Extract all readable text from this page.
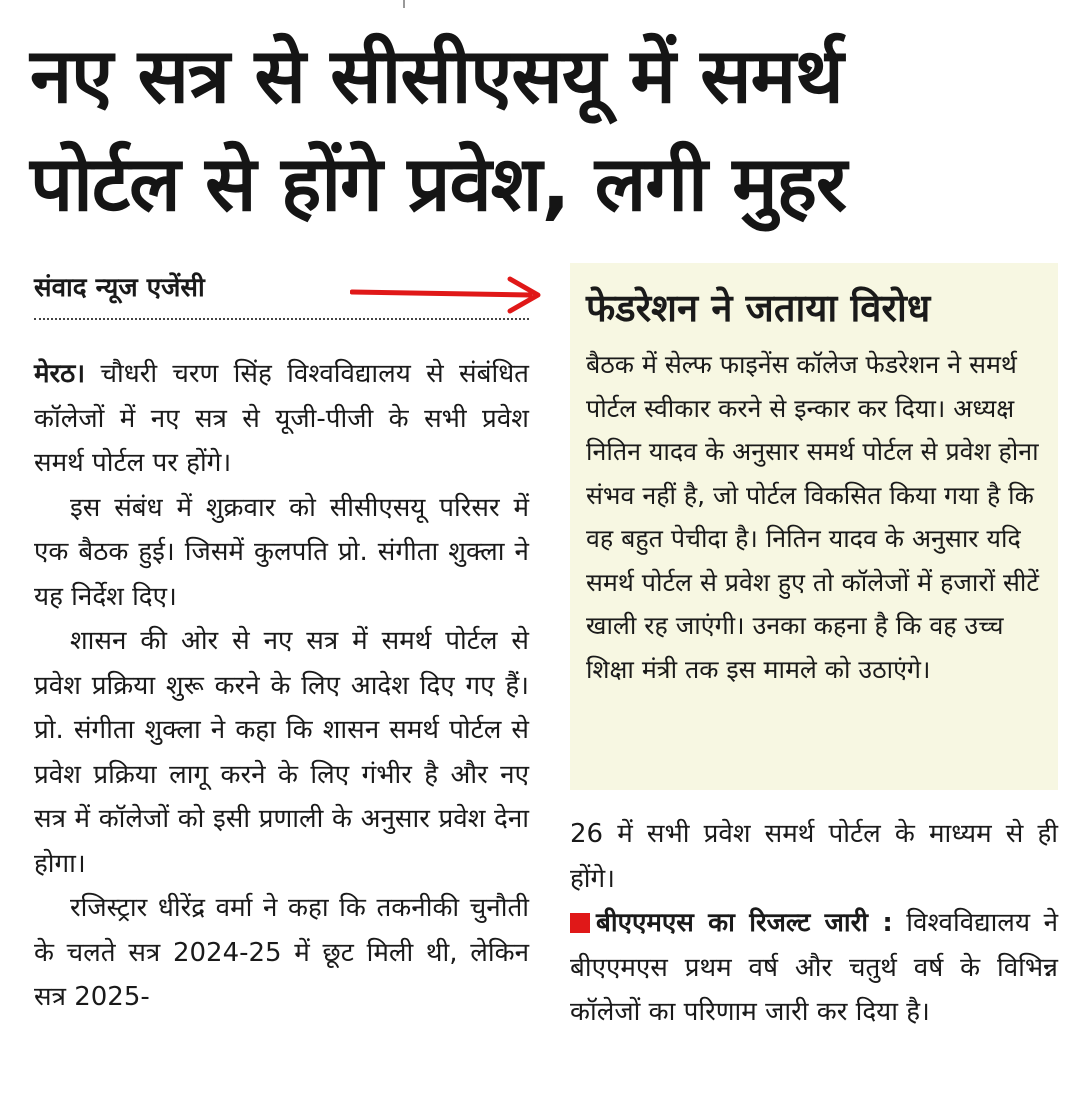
नए सत्र से सीसीएसयू में समर्थ
पोर्टल से होंगे प्रवेश, लगी मुहर
संवाद न्यूज एजेंसी

मेरठ। चौधरी चरण सिंह विश्वविद्यालय से संबंधित कॉलेजों में नए सत्र से यूजी-पीजी के सभी प्रवेश समर्थ पोर्टल पर होंगे।

इस संबंध में शुक्रवार को सीसीएसयू परिसर में एक बैठक हुई। जिसमें कुलपति प्रो. संगीता शुक्ला ने यह निर्देश दिए।

शासन की ओर से नए सत्र में समर्थ पोर्टल से प्रवेश प्रक्रिया शुरू करने के लिए आदेश दिए गए हैं। प्रो. संगीता शुक्ला ने कहा कि शासन समर्थ पोर्टल से प्रवेश प्रक्रिया लागू करने के लिए गंभीर है और नए सत्र में कॉलेजों को इसी प्रणाली के अनुसार प्रवेश देना होगा।

रजिस्ट्रार धीरेंद्र वर्मा ने कहा कि तकनीकी चुनौती के चलते सत्र 2024-25 में छूट मिली थी, लेकिन सत्र 2025-

फेडरेशन ने जताया विरोध

बैठक में सेल्फ फाइनेंस कॉलेज फेडरेशन ने समर्थ पोर्टल स्वीकार करने से इन्कार कर दिया। अध्यक्ष नितिन यादव के अनुसार समर्थ पोर्टल से प्रवेश होना संभव नहीं है, जो पोर्टल विकसित किया गया है कि वह बहुत पेचीदा है। नितिन यादव के अनुसार यदि समर्थ पोर्टल से प्रवेश हुए तो कॉलेजों में हजारों सीटें खाली रह जाएंगी। उनका कहना है कि वह उच्च शिक्षा मंत्री तक इस मामले को उठाएंगे।

26 में सभी प्रवेश समर्थ पोर्टल के माध्यम से ही होंगे।

बीएएमएस का रिजल्ट जारी : विश्वविद्यालय ने बीएएमएस प्रथम वर्ष और चतुर्थ वर्ष के विभिन्न कॉलेजों का परिणाम जारी कर दिया है।
